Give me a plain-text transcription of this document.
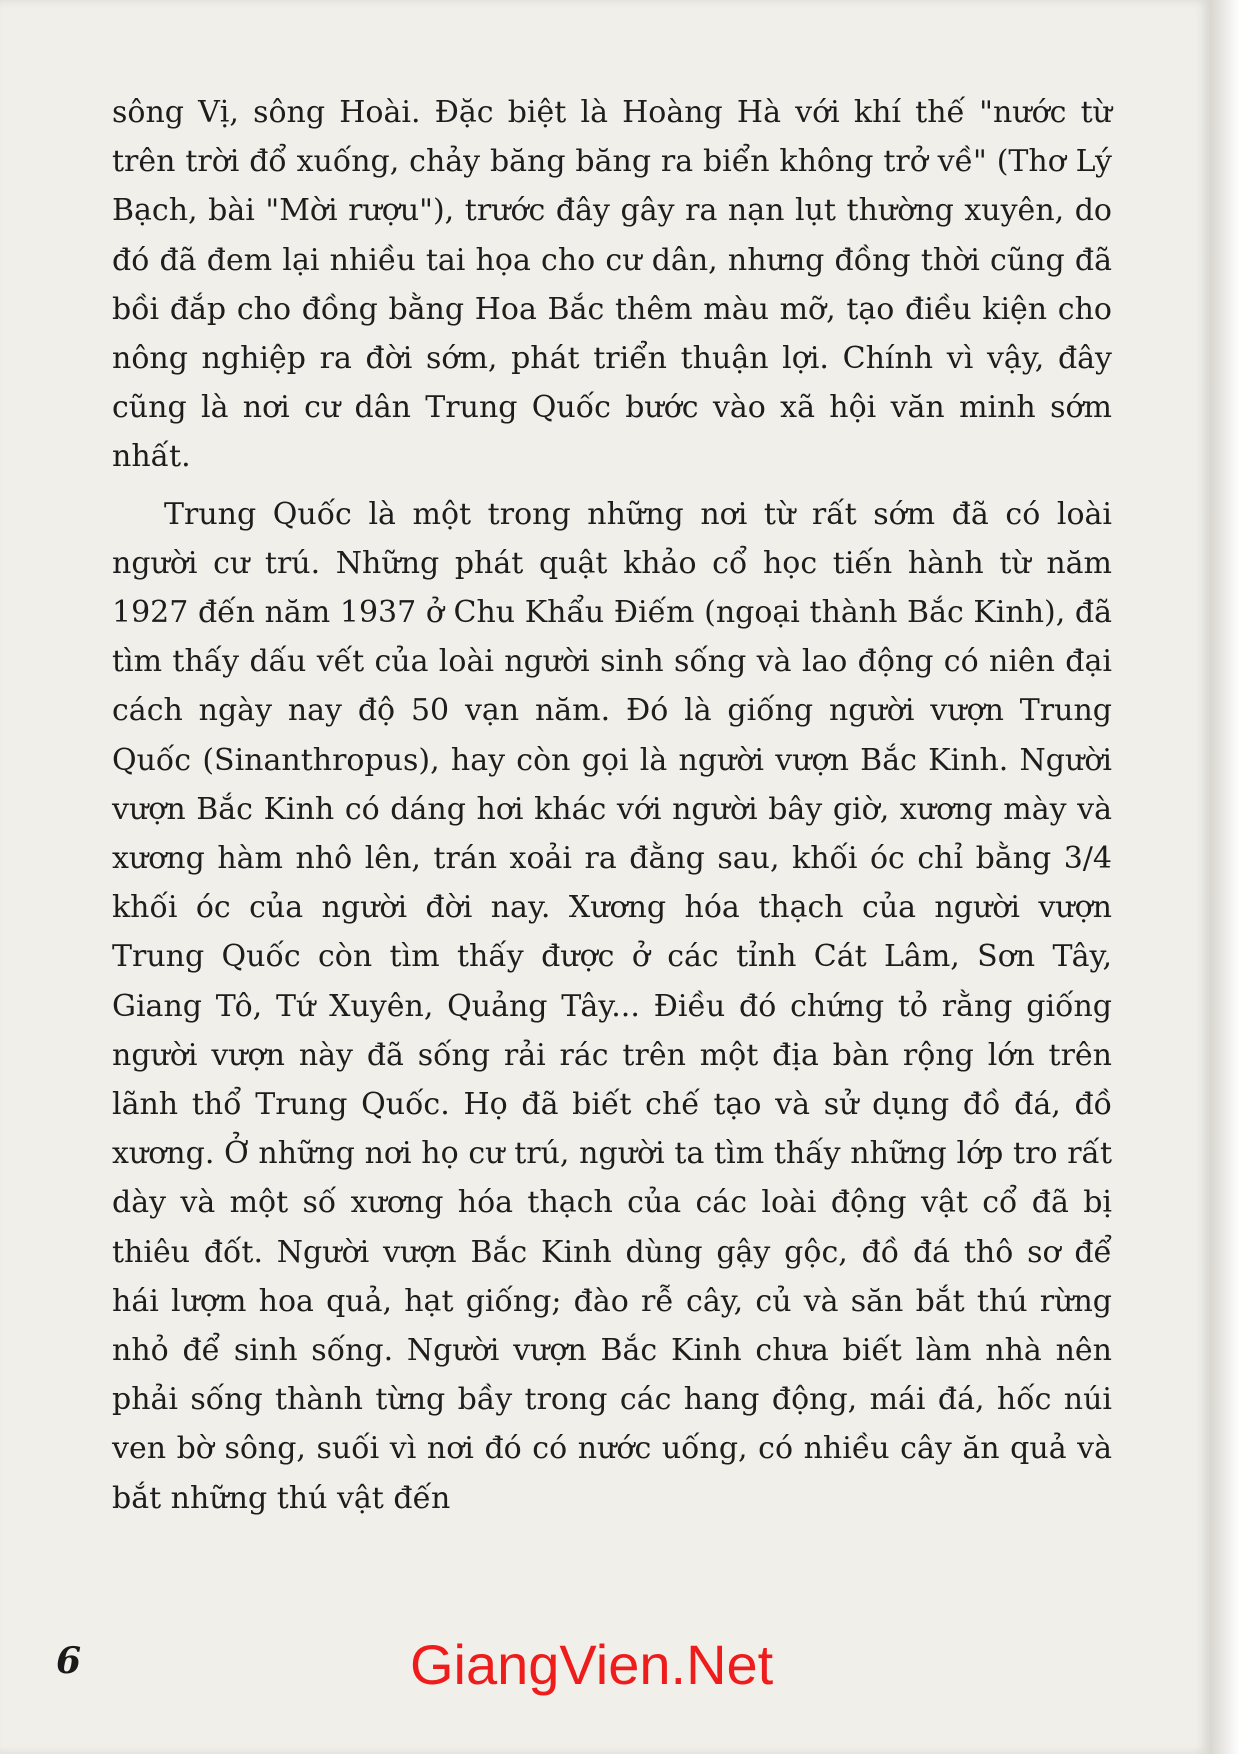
sông Vị, sông Hoài. Đặc biệt là Hoàng Hà với khí thế "nước từ trên trời đổ xuống, chảy băng băng ra biển không trở về" (Thơ Lý Bạch, bài "Mời rượu"), trước đây gây ra nạn lụt thường xuyên, do đó đã đem lại nhiều tai họa cho cư dân, nhưng đồng thời cũng đã bồi đắp cho đồng bằng Hoa Bắc thêm màu mỡ, tạo điều kiện cho nông nghiệp ra đời sớm, phát triển thuận lợi. Chính vì vậy, đây cũng là nơi cư dân Trung Quốc bước vào xã hội văn minh sớm nhất.

Trung Quốc là một trong những nơi từ rất sớm đã có loài người cư trú. Những phát quật khảo cổ học tiến hành từ năm 1927 đến năm 1937 ở Chu Khẩu Điếm (ngoại thành Bắc Kinh), đã tìm thấy dấu vết của loài người sinh sống và lao động có niên đại cách ngày nay độ 50 vạn năm. Đó là giống người vượn Trung Quốc (Sinanthropus), hay còn gọi là người vượn Bắc Kinh. Người vượn Bắc Kinh có dáng hơi khác với người bây giờ, xương mày và xương hàm nhô lên, trán xoải ra đằng sau, khối óc chỉ bằng 3/4 khối óc của người đời nay. Xương hóa thạch của người vượn Trung Quốc còn tìm thấy được ở các tỉnh Cát Lâm, Sơn Tây, Giang Tô, Tứ Xuyên, Quảng Tây... Điều đó chứng tỏ rằng giống người vượn này đã sống rải rác trên một địa bàn rộng lớn trên lãnh thổ Trung Quốc. Họ đã biết chế tạo và sử dụng đồ đá, đồ xương. Ở những nơi họ cư trú, người ta tìm thấy những lớp tro rất dày và một số xương hóa thạch của các loài động vật cổ đã bị thiêu đốt. Người vượn Bắc Kinh dùng gậy gộc, đồ đá thô sơ để hái lượm hoa quả, hạt giống; đào rễ cây, củ và săn bắt thú rừng nhỏ để sinh sống. Người vượn Bắc Kinh chưa biết làm nhà nên phải sống thành từng bầy trong các hang động, mái đá, hốc núi ven bờ sông, suối vì nơi đó có nước uống, có nhiều cây ăn quả và bắt những thú vật đến

6	GiangVien.Net
